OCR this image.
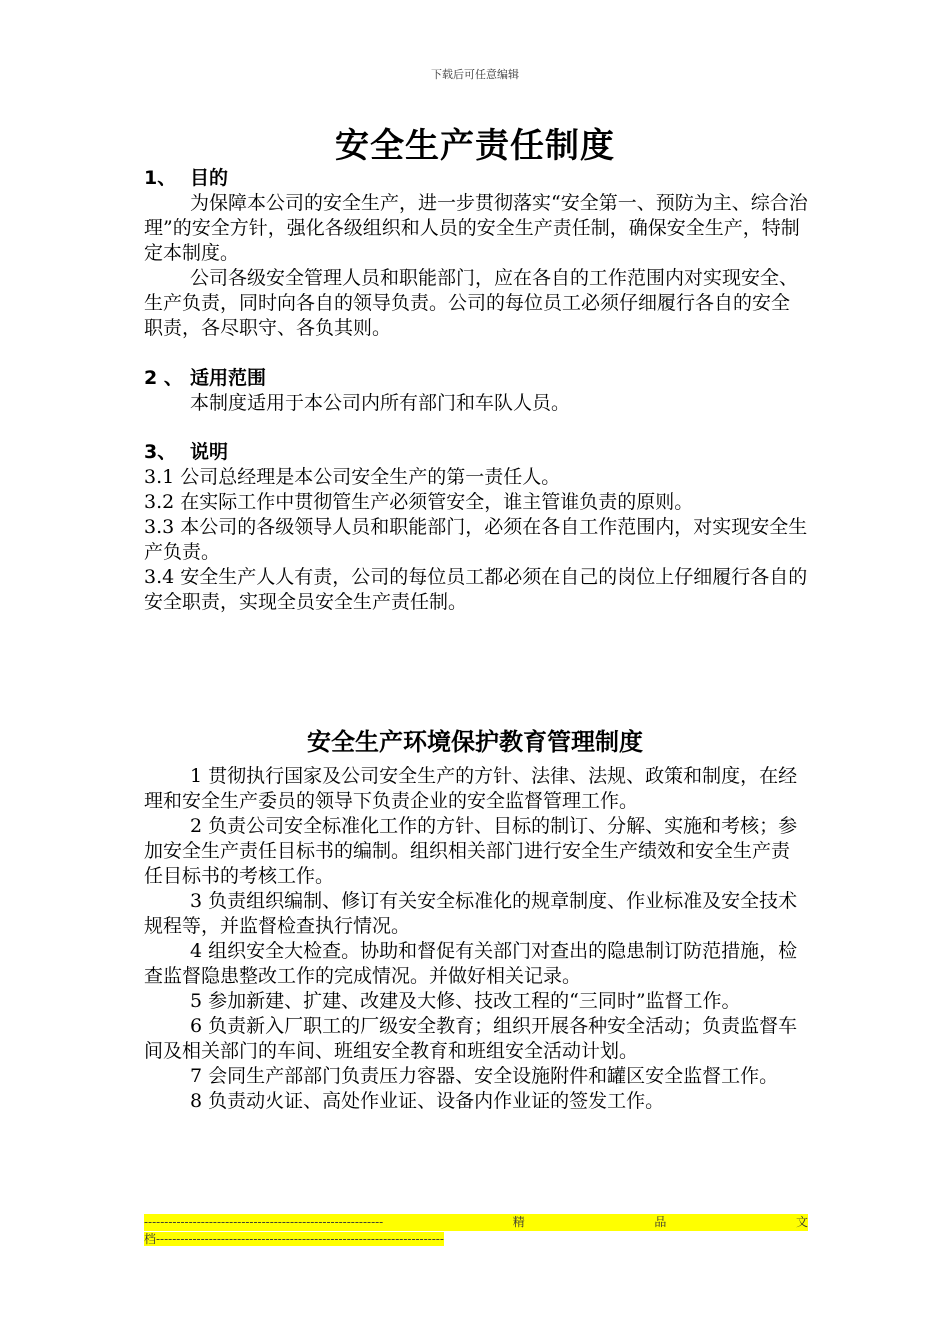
下载后可任意编辑
安全生产责任制度
1、 目的

为保障本公司的安全生产，进一步贯彻落实“安全第一、预防为主、综合治理”的安全方针，强化各级组织和人员的安全生产责任制，确保安全生产，特制定本制度。

公司各级安全管理人员和职能部门，应在各自的工作范围内对实现安全、生产负责，同时向各自的领导负责。公司的每位员工必须仔细履行各自的安全职责，各尽职守、各负其则。

2 、 适用范围

本制度适用于本公司内所有部门和车队人员。

3、 说明

3.1 公司总经理是本公司安全生产的第一责任人。

3.2 在实际工作中贯彻管生产必须管安全，谁主管谁负责的原则。

3.3 本公司的各级领导人员和职能部门，必须在各自工作范围内，对实现安全生产负责。

3.4 安全生产人人有责，公司的每位员工都必须在自己的岗位上仔细履行各自的安全职责，实现全员安全生产责任制。

安全生产环境保护教育管理制度

1 贯彻执行国家及公司安全生产的方针、法律、法规、政策和制度，在经理和安全生产委员的领导下负责企业的安全监督管理工作。

2 负责公司安全标准化工作的方针、目标的制订、分解、实施和考核；参加安全生产责任目标书的编制。组织相关部门进行安全生产绩效和安全生产责任目标书的考核工作。

3 负责组织编制、修订有关安全标准化的规章制度、作业标准及安全技术规程等，并监督检查执行情况。

4 组织安全大检查。协助和督促有关部门对查出的隐患制订防范措施，检查监督隐患整改工作的完成情况。并做好相关记录。

5 参加新建、扩建、改建及大修、技改工程的“三同时”监督工作。

6 负责新入厂职工的厂级安全教育；组织开展各种安全活动；负责监督车间及相关部门的车间、班组安全教育和班组安全活动计划。

7 会同生产部部门负责压力容器、安全设施附件和罐区安全监督工作。

8 负责动火证、高处作业证、设备内作业证的签发工作。

-----------------------------------------------------------	精	品	文
档-----------------------------------------------------------------------
